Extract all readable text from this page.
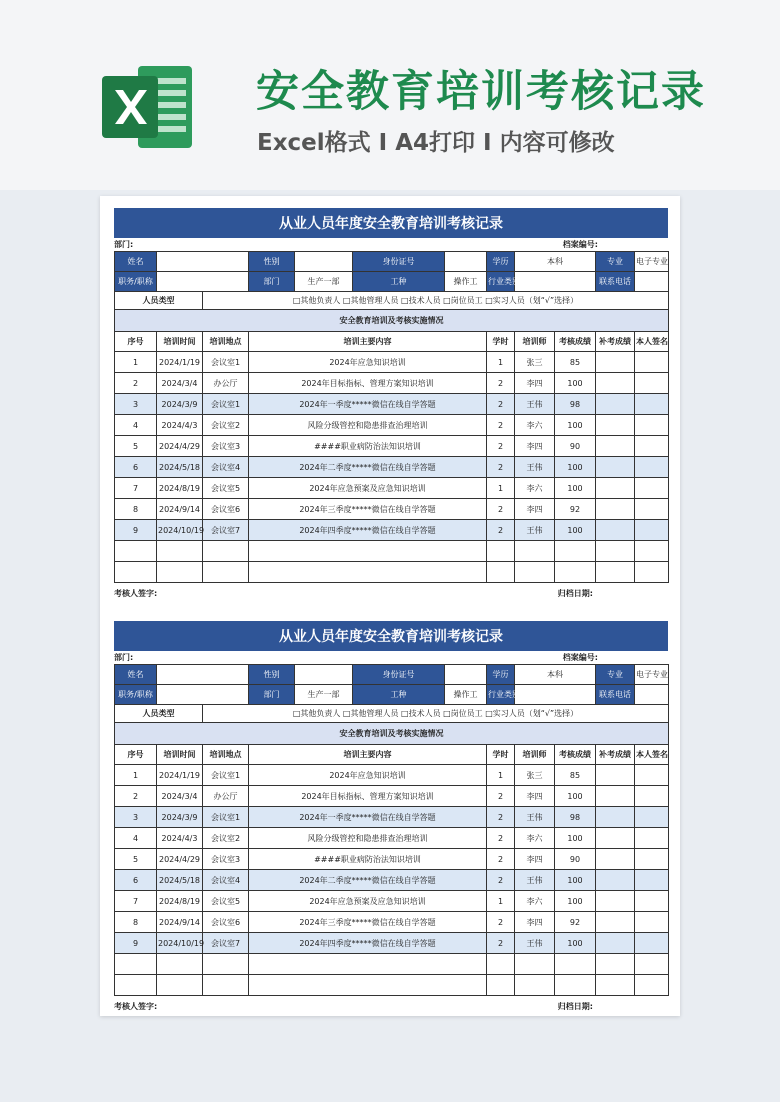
安全教育培训考核记录
Excel格式 I A4打印 I 内容可修改
从业人员年度安全教育培训考核记录
部门:	档案编号:
姓名			性别		身份证号		学历	本科		专业	电子专业
职务/职称			部门	生产一部	工种	操作工	行业类别			联系电话	
人员类型		□其他负责人 □其他管理人员 □技术人员 □岗位员工 □实习人员（划“√”选择）									
安全教育培训及考核实施情况											
序号	培训时间	培训地点	培训主要内容				学时	培训师	考核成绩	补考成绩	本人签名
1	2024/1/19	会议室1	2024年应急知识培训				1	张三	85		
2	2024/3/4	办公厅	2024年目标指标、管理方案知识培训				2	李四	100		
3	2024/3/9	会议室1	2024年一季度*****微信在线自学答题				2	王伟	98		
4	2024/4/3	会议室2	风险分级管控和隐患排查治理培训				2	李六	100		
5	2024/4/29	会议室3	####职业病防治法知识培训				2	李四	90		
6	2024/5/18	会议室4	2024年二季度*****微信在线自学答题				2	王伟	100		
7	2024/8/19	会议室5	2024年应急预案及应急知识培训				1	李六	100		
8	2024/9/14	会议室6	2024年三季度*****微信在线自学答题				2	李四	92		
9	2024/10/19	会议室7	2024年四季度*****微信在线自学答题				2	王伟	100		

考核人签字:	归档日期:
从业人员年度安全教育培训考核记录
部门:	档案编号:
姓名			性别		身份证号		学历	本科		专业	电子专业
职务/职称			部门	生产一部	工种	操作工	行业类别			联系电话	
人员类型		□其他负责人 □其他管理人员 □技术人员 □岗位员工 □实习人员（划“√”选择）									
安全教育培训及考核实施情况											
序号	培训时间	培训地点	培训主要内容				学时	培训师	考核成绩	补考成绩	本人签名
1	2024/1/19	会议室1	2024年应急知识培训				1	张三	85		
2	2024/3/4	办公厅	2024年目标指标、管理方案知识培训				2	李四	100		
3	2024/3/9	会议室1	2024年一季度*****微信在线自学答题				2	王伟	98		
4	2024/4/3	会议室2	风险分级管控和隐患排查治理培训				2	李六	100		
5	2024/4/29	会议室3	####职业病防治法知识培训				2	李四	90		
6	2024/5/18	会议室4	2024年二季度*****微信在线自学答题				2	王伟	100		
7	2024/8/19	会议室5	2024年应急预案及应急知识培训				1	李六	100		
8	2024/9/14	会议室6	2024年三季度*****微信在线自学答题				2	李四	92		
9	2024/10/19	会议室7	2024年四季度*****微信在线自学答题				2	王伟	100		

考核人签字:	归档日期:
